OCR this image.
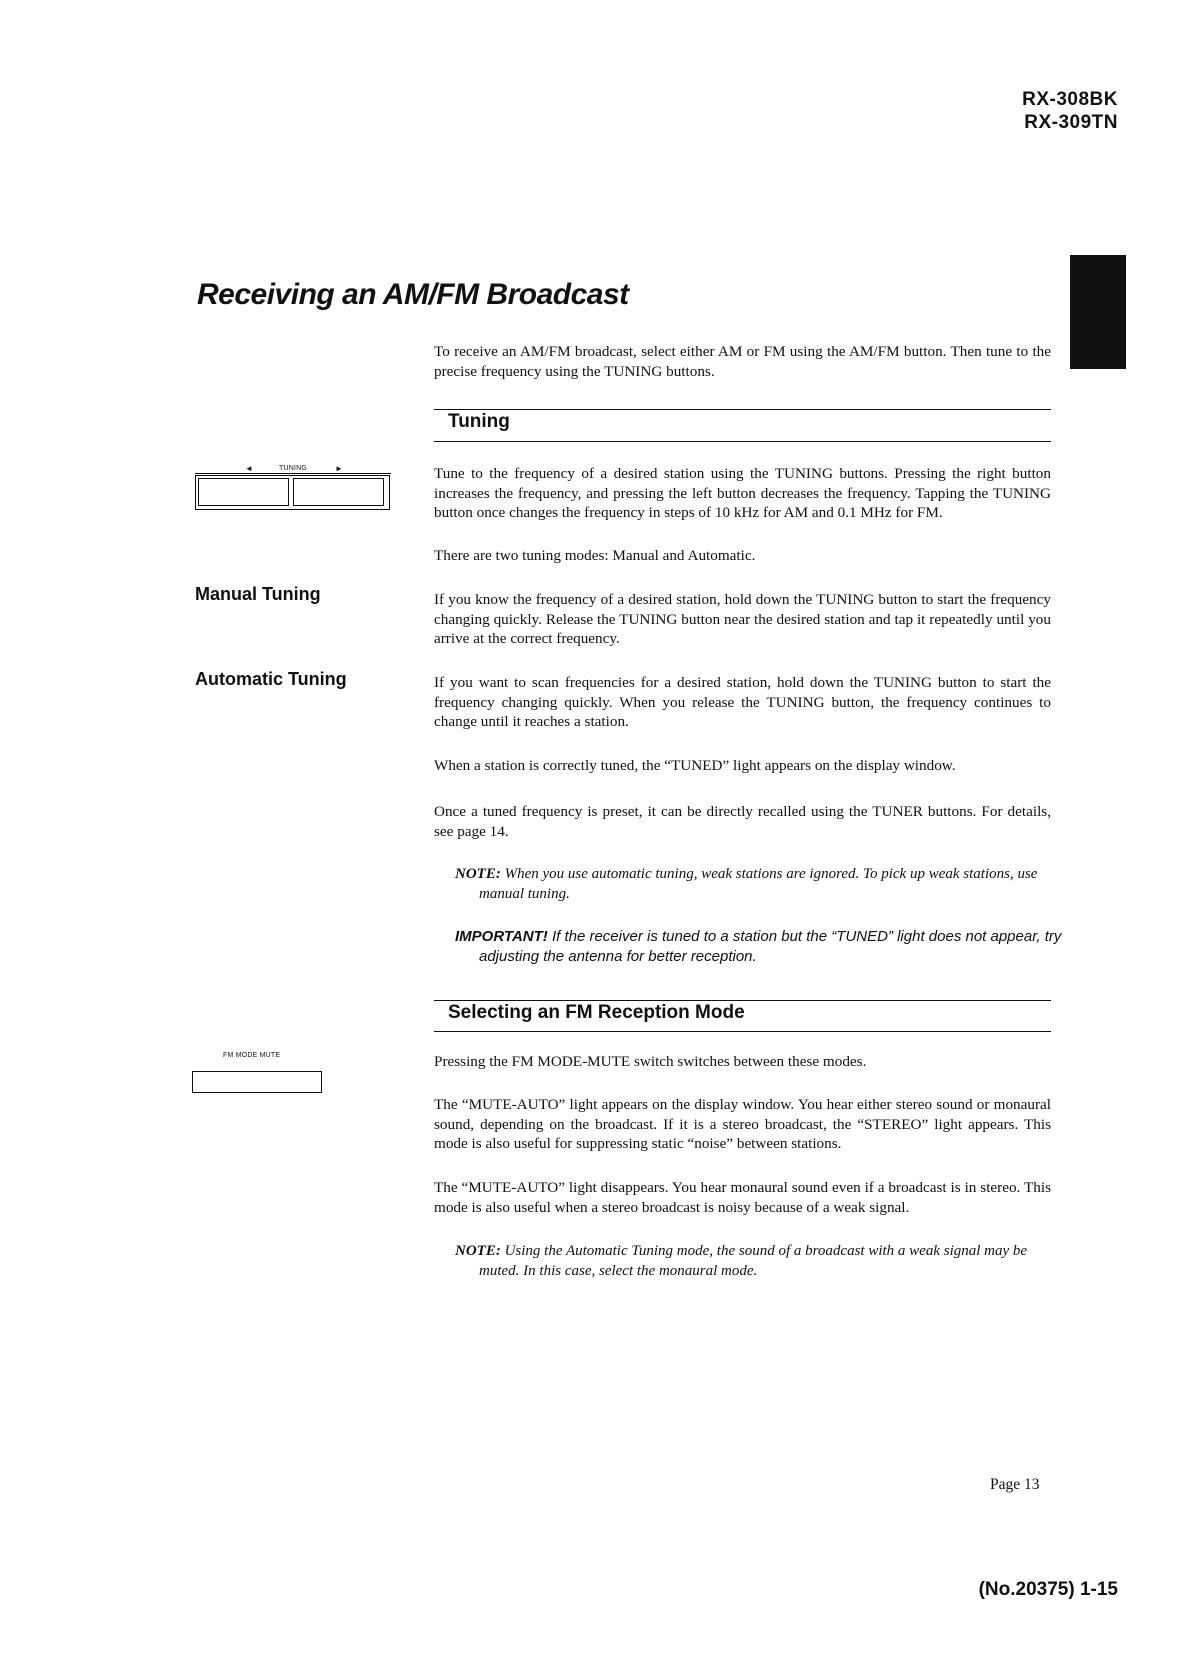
RX-308BK
RX-309TN
Receiving an AM/FM Broadcast
To receive an AM/FM broadcast, select either AM or FM using the AM/FM button. Then tune to the precise frequency using the TUNING buttons.
Tuning
◄	TUNING	►	Tune to the frequency of a desired station using the TUNING buttons. Pressing the right button increases the frequency, and pressing the left button decreases the frequency. Tapping the TUNING button once changes the frequency in steps of 10 kHz for AM and 0.1 MHz for FM.
There are two tuning modes: Manual and Automatic.
Manual Tuning	If you know the frequency of a desired station, hold down the TUNING button to start the frequency changing quickly. Release the TUNING button near the desired station and tap it repeatedly until you arrive at the correct frequency.
Automatic Tuning	If you want to scan frequencies for a desired station, hold down the TUNING button to start the frequency changing quickly. When you release the TUNING button, the frequency continues to change until it reaches a station.
When a station is correctly tuned, the “TUNED” light appears on the display window.
Once a tuned frequency is preset, it can be directly recalled using the TUNER buttons. For details, see page 14.
NOTE: When you use automatic tuning, weak stations are ignored. To pick up weak stations, use manual tuning.
IMPORTANT! If the receiver is tuned to a station but the “TUNED” light does not appear, try adjusting the antenna for better reception.
Selecting an FM Reception Mode
FM MODE MUTE	Pressing the FM MODE-MUTE switch switches between these modes.
The “MUTE-AUTO” light appears on the display window. You hear either stereo sound or monaural sound, depending on the broadcast. If it is a stereo broadcast, the “STEREO” light appears. This mode is also useful for suppressing static “noise” between stations.
The “MUTE-AUTO” light disappears. You hear monaural sound even if a broadcast is in stereo. This mode is also useful when a stereo broadcast is noisy because of a weak signal.
NOTE: Using the Automatic Tuning mode, the sound of a broadcast with a weak signal may be muted. In this case, select the monaural mode.
Page 13
(No.20375) 1-15
